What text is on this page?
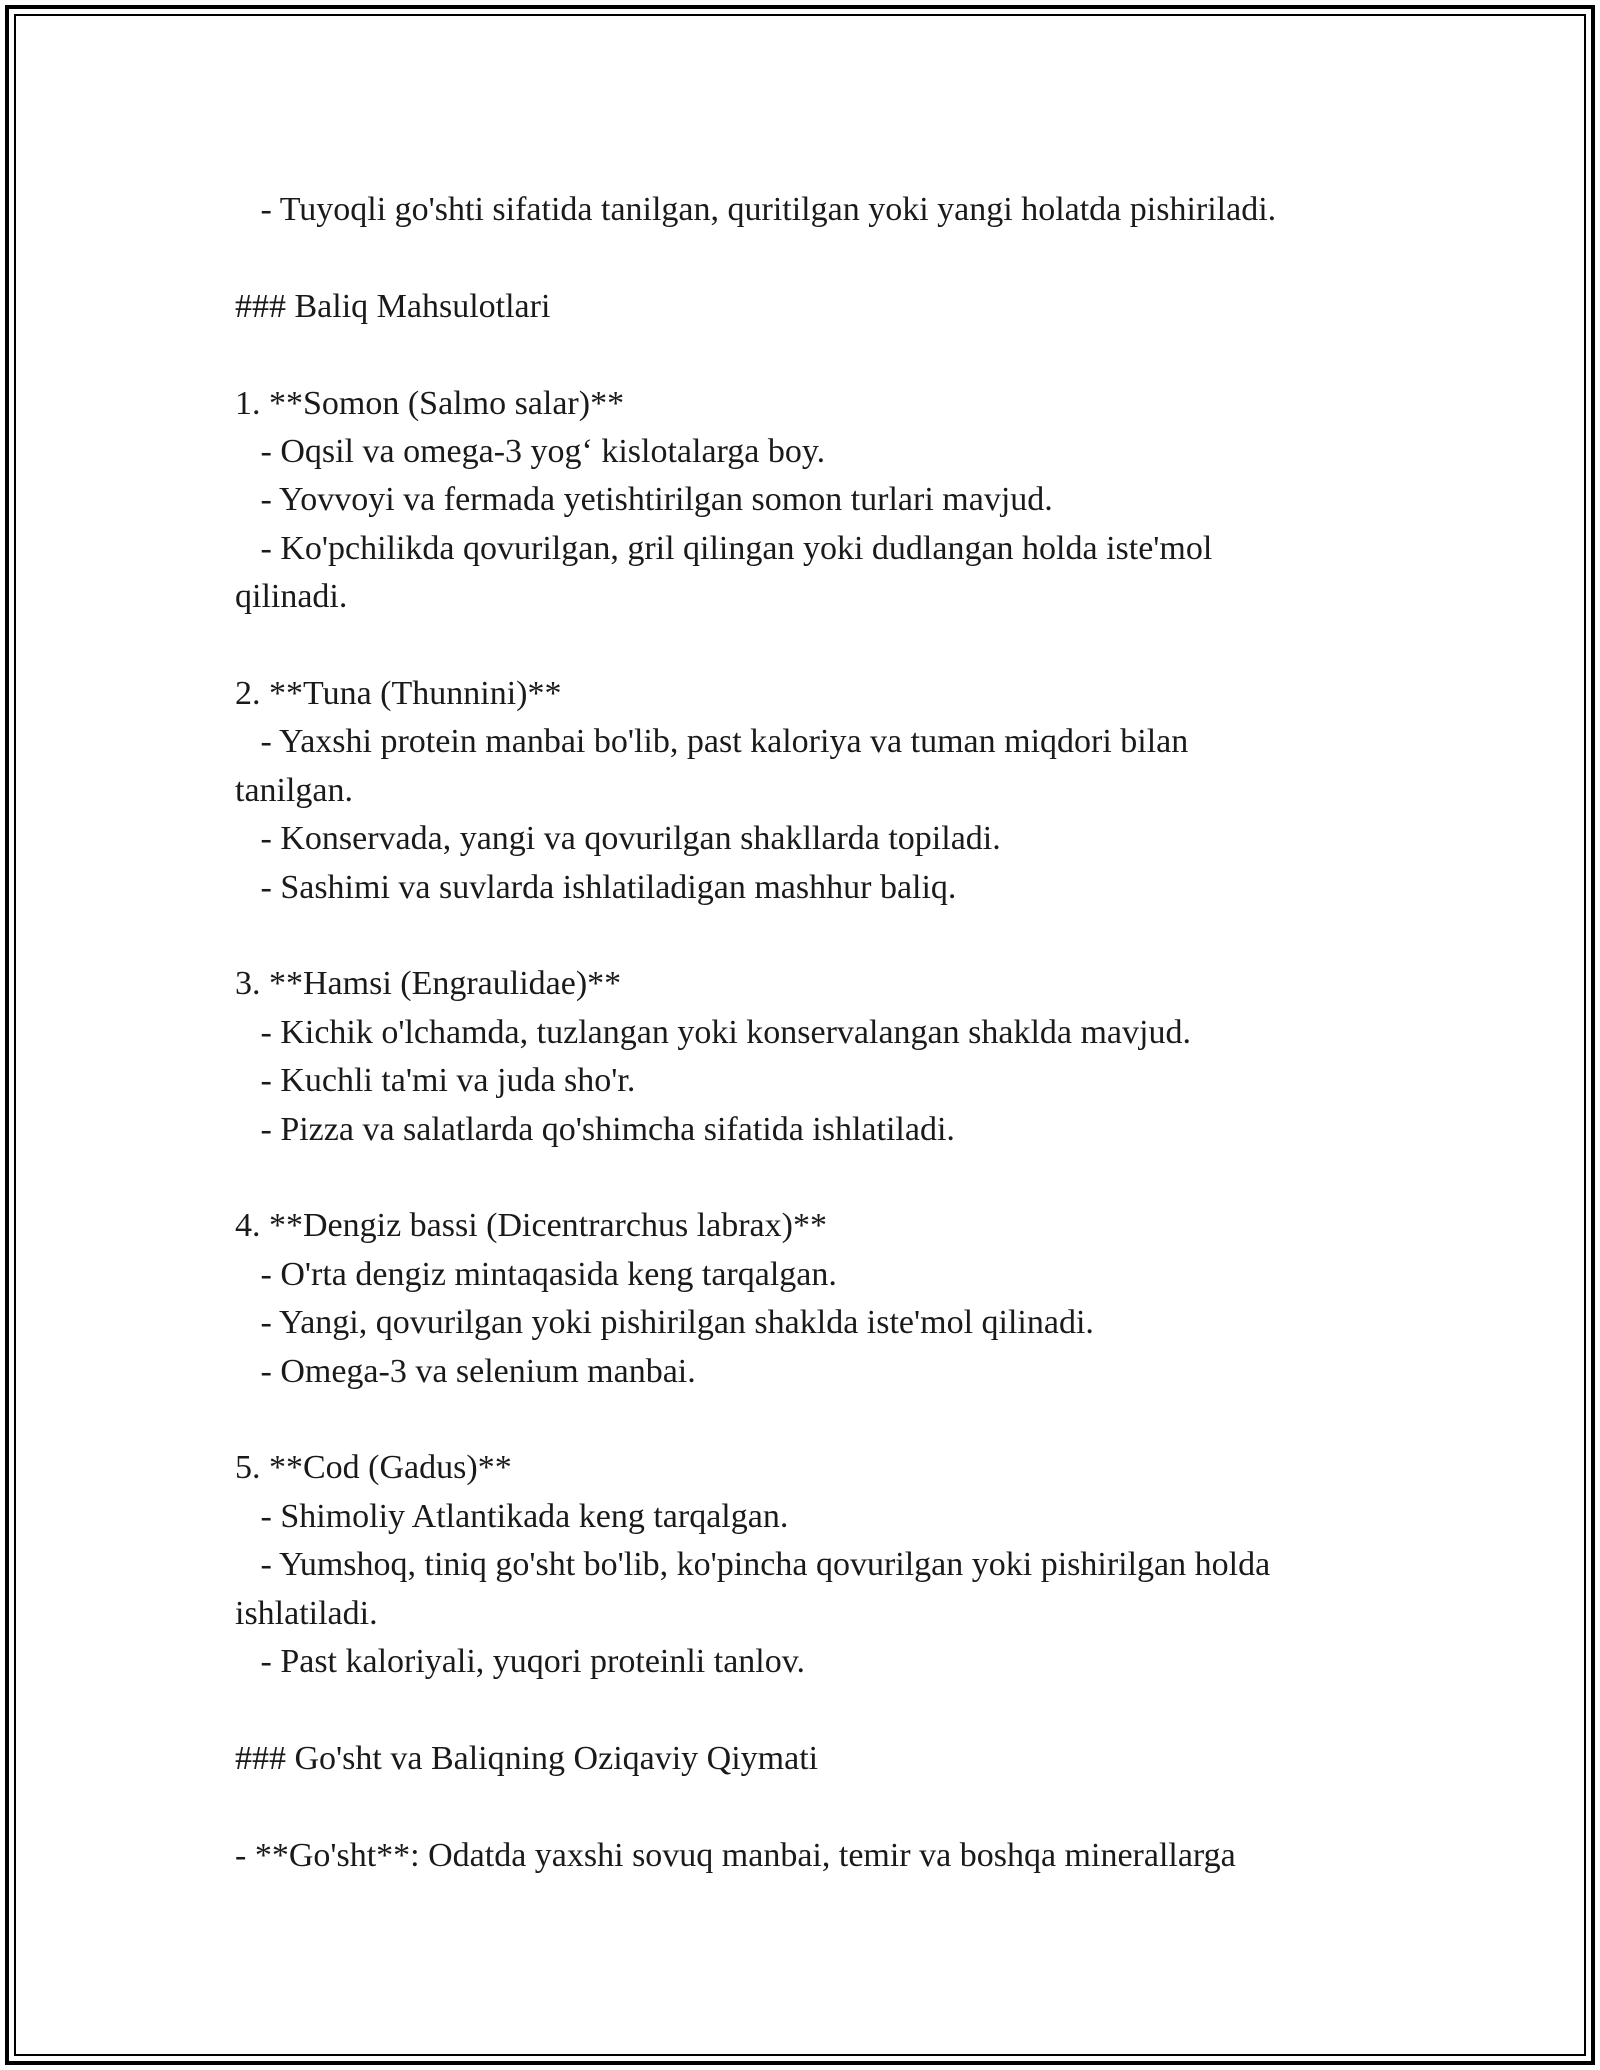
- Tuyoqli go'shti sifatida tanilgan, quritilgan yoki yangi holatda pishiriladi.
### Baliq Mahsulotlari
1. **Somon (Salmo salar)**
- Oqsil va omega-3 yog‘ kislotalarga boy.
- Yovvoyi va fermada yetishtirilgan somon turlari mavjud.
- Ko'pchilikda qovurilgan, gril qilingan yoki dudlangan holda iste'mol
qilinadi.
2. **Tuna (Thunnini)**
- Yaxshi protein manbai bo'lib, past kaloriya va tuman miqdori bilan
tanilgan.
- Konservada, yangi va qovurilgan shakllarda topiladi.
- Sashimi va suvlarda ishlatiladigan mashhur baliq.
3. **Hamsi (Engraulidae)**
- Kichik o'lchamda, tuzlangan yoki konservalangan shaklda mavjud.
- Kuchli ta'mi va juda sho'r.
- Pizza va salatlarda qo'shimcha sifatida ishlatiladi.
4. **Dengiz bassi (Dicentrarchus labrax)**
- O'rta dengiz mintaqasida keng tarqalgan.
- Yangi, qovurilgan yoki pishirilgan shaklda iste'mol qilinadi.
- Omega-3 va selenium manbai.
5. **Cod (Gadus)**
- Shimoliy Atlantikada keng tarqalgan.
- Yumshoq, tiniq go'sht bo'lib, ko'pincha qovurilgan yoki pishirilgan holda
ishlatiladi.
- Past kaloriyali, yuqori proteinli tanlov.
### Go'sht va Baliqning Oziqaviy Qiymati
- **Go'sht**: Odatda yaxshi sovuq manbai, temir va boshqa minerallarga
